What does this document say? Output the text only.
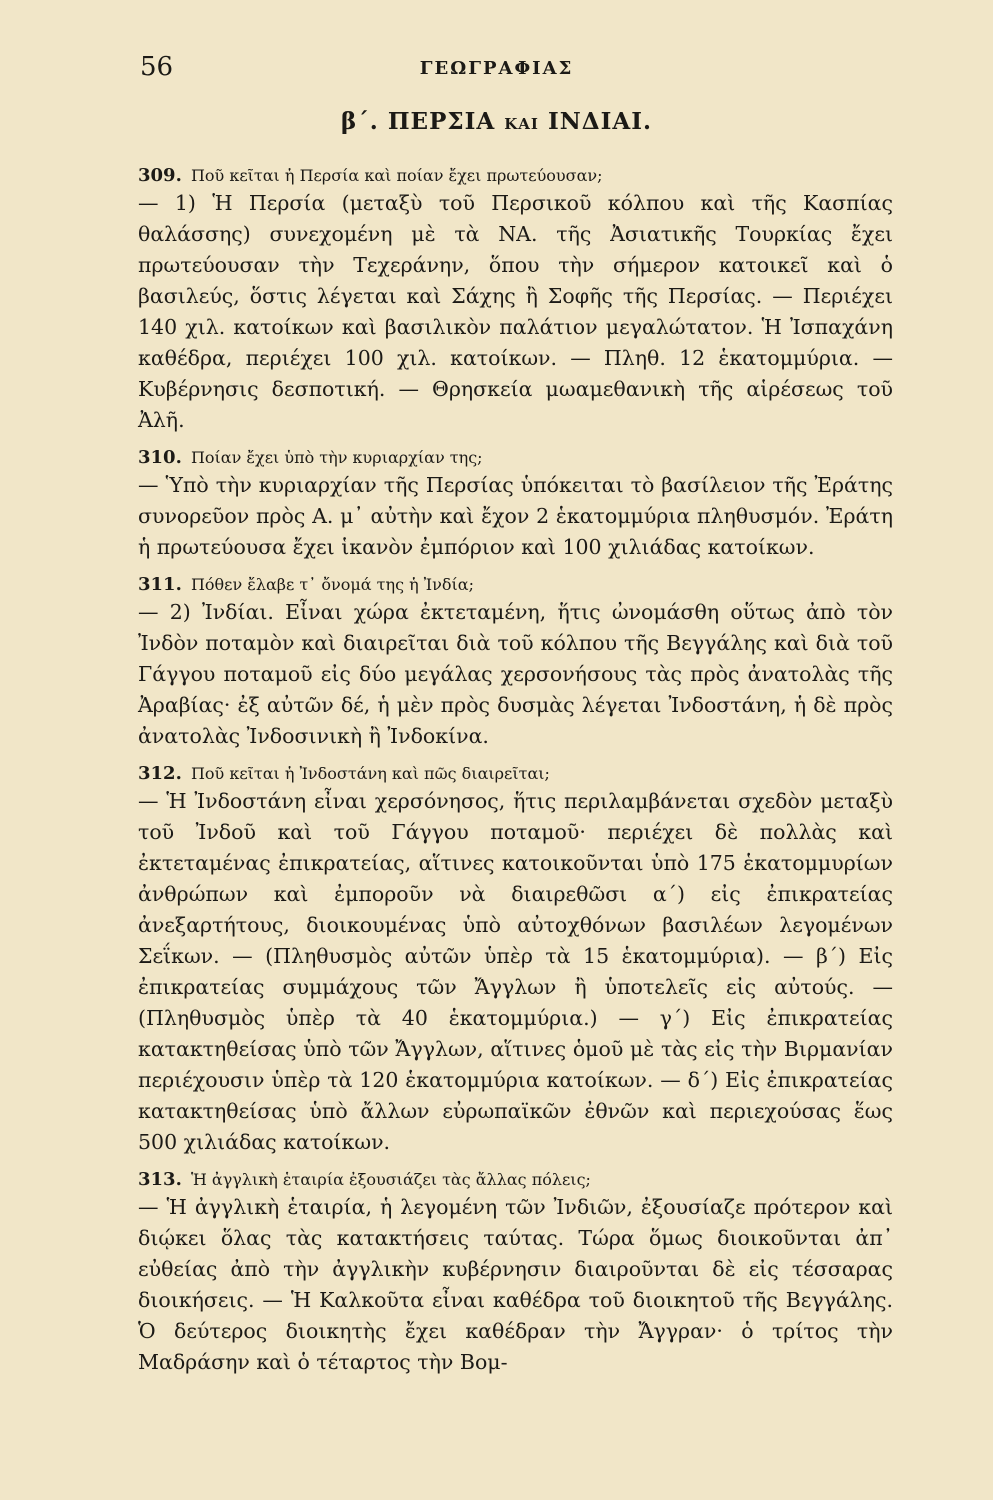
56	ΓΕΩΓΡΑΦΙΑΣ
β΄. ΠΕΡΣΙΑ ΚΑΙ ΙΝΔΙΑΙ.

309. Ποῦ κεῖται ἡ Περσία καὶ ποίαν ἔχει πρωτεύουσαν;

— 1) Ἡ Περσία (μεταξὺ τοῦ Περσικοῦ κόλπου καὶ τῆς Κασπίας θαλάσσης) συνεχομένη μὲ τὰ ΝΑ. τῆς Ἀσιατικῆς Τουρκίας ἔχει πρωτεύουσαν τὴν Τεχεράνην, ὅπου τὴν σήμερον κατοικεῖ καὶ ὁ βασιλεύς, ὅστις λέγεται καὶ Σάχης ἢ Σοφῆς τῆς Περσίας. — Περιέχει 140 χιλ. κατοίκων καὶ βασιλικὸν παλάτιον μεγαλώτατον. Ἡ Ἰσπαχάνη καθέδρα, περιέχει 100 χιλ. κατοίκων. — Πληθ. 12 ἑκατομμύρια. — Κυβέρνησις δεσποτική. — Θρησκεία μωαμεθανικὴ τῆς αἱρέσεως τοῦ Ἀλῆ.

310. Ποίαν ἔχει ὑπὸ τὴν κυριαρχίαν της;

— Ὑπὸ τὴν κυριαρχίαν τῆς Περσίας ὑπόκειται τὸ βασίλειον τῆς Ἐράτης συνορεῦον πρὸς Α. μ᾽ αὐτὴν καὶ ἔχον 2 ἑκατομμύρια πληθυσμόν. Ἐράτη ἡ πρωτεύουσα ἔχει ἱκανὸν ἐμπόριον καὶ 100 χιλιάδας κατοίκων.

311. Πόθεν ἔλαβε τ᾽ ὄνομά της ἡ Ἰνδία;

— 2) Ἰνδίαι. Εἶναι χώρα ἐκτεταμένη, ἥτις ὠνομάσθη οὕτως ἀπὸ τὸν Ἰνδὸν ποταμὸν καὶ διαιρεῖται διὰ τοῦ κόλπου τῆς Βεγγάλης καὶ διὰ τοῦ Γάγγου ποταμοῦ εἰς δύο μεγάλας χερσονήσους τὰς πρὸς ἀνατολὰς τῆς Ἀραβίας· ἐξ αὐτῶν δέ, ἡ μὲν πρὸς δυσμὰς λέγεται Ἰνδοστάνη, ἡ δὲ πρὸς ἀνατολὰς Ἰνδοσινικὴ ἢ Ἰνδοκίνα.

312. Ποῦ κεῖται ἡ Ἰνδοστάνη καὶ πῶς διαιρεῖται;

— Ἡ Ἰνδοστάνη εἶναι χερσόνησος, ἥτις περιλαμβάνεται σχεδὸν μεταξὺ τοῦ Ἰνδοῦ καὶ τοῦ Γάγγου ποταμοῦ· περιέχει δὲ πολλὰς καὶ ἐκτεταμένας ἐπικρατείας, αἵτινες κατοικοῦνται ὑπὸ 175 ἑκατομμυρίων ἀνθρώπων καὶ ἐμποροῦν νὰ διαιρεθῶσι α΄) εἰς ἐπικρατείας ἀνεξαρτήτους, διοικουμένας ὑπὸ αὐτοχθόνων βασιλέων λεγομένων Σεΐκων. — (Πληθυσμὸς αὐτῶν ὑπὲρ τὰ 15 ἑκατομμύρια). — β΄) Εἰς ἐπικρατείας συμμάχους τῶν Ἄγγλων ἢ ὑποτελεῖς εἰς αὐτούς. — (Πληθυσμὸς ὑπὲρ τὰ 40 ἑκατομμύρια.) — γ΄) Εἰς ἐπικρατείας κατακτηθείσας ὑπὸ τῶν Ἄγγλων, αἵτινες ὁμοῦ μὲ τὰς εἰς τὴν Βιρμανίαν περιέχουσιν ὑπὲρ τὰ 120 ἑκατομμύρια κατοίκων. — δ΄) Εἰς ἐπικρατείας κατακτηθείσας ὑπὸ ἄλλων εὐρωπαϊκῶν ἐθνῶν καὶ περιεχούσας ἕως 500 χιλιάδας κατοίκων.

313. Ἡ ἀγγλικὴ ἑταιρία ἐξουσιάζει τὰς ἄλλας πόλεις;

— Ἡ ἀγγλικὴ ἑταιρία, ἡ λεγομένη τῶν Ἰνδιῶν, ἐξουσίαζε πρότερον καὶ διῴκει ὅλας τὰς κατακτήσεις ταύτας. Τώρα ὅμως διοικοῦνται ἀπ᾽ εὐθείας ἀπὸ τὴν ἀγγλικὴν κυβέρνησιν διαιροῦνται δὲ εἰς τέσσαρας διοικήσεις. — Ἡ Καλκοῦτα εἶναι καθέδρα τοῦ διοικητοῦ τῆς Βεγγάλης. Ὁ δεύτερος διοικητὴς ἔχει καθέδραν τὴν Ἄγγραν· ὁ τρίτος τὴν Μαδράσην καὶ ὁ τέταρτος τὴν Βομ-
